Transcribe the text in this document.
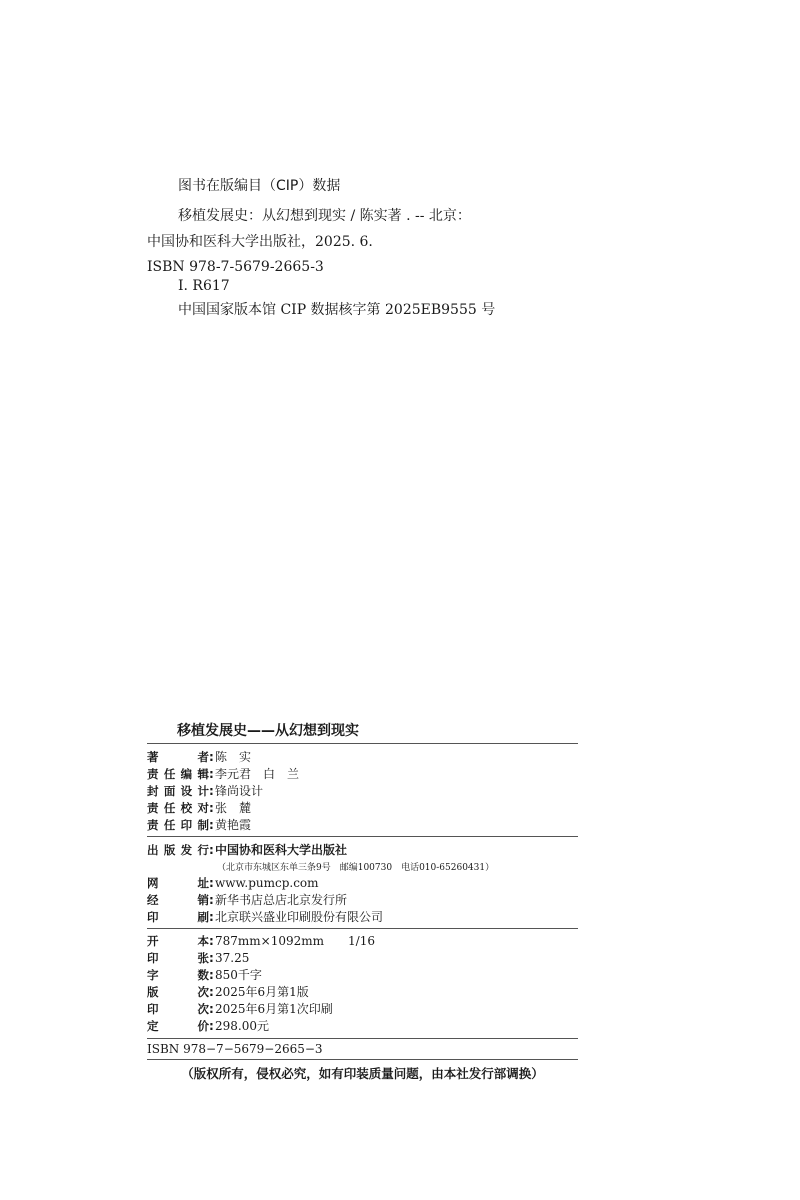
图书在版编目（CIP）数据
移植发展史：从幻想到现实 / 陈实著 . -- 北京：
中国协和医科大学出版社，2025. 6.
ISBN 978-7-5679-2665-3
Ⅰ. R617
中国国家版本馆 CIP 数据核字第 2025EB9555 号
移植发展史——从幻想到现实
著者:陈　实
责任编辑:李元君　白　兰
封面设计:锋尚设计
责任校对:张　麓
责任印制:黄艳霞
出版发行:中国协和医科大学出版社
（北京市东城区东单三条9号　邮编100730　电话010-65260431）
网址:www.pumcp.com
经销:新华书店总店北京发行所
印刷:北京联兴盛业印刷股份有限公司
开本:787mm×1092mm　　1/16
印张:37.25
字数:850千字
版次:2025年6月第1版
印次:2025年6月第1次印刷
定价:298.00元
ISBN 978−7−5679−2665−3
（版权所有，侵权必究，如有印装质量问题，由本社发行部调换）
